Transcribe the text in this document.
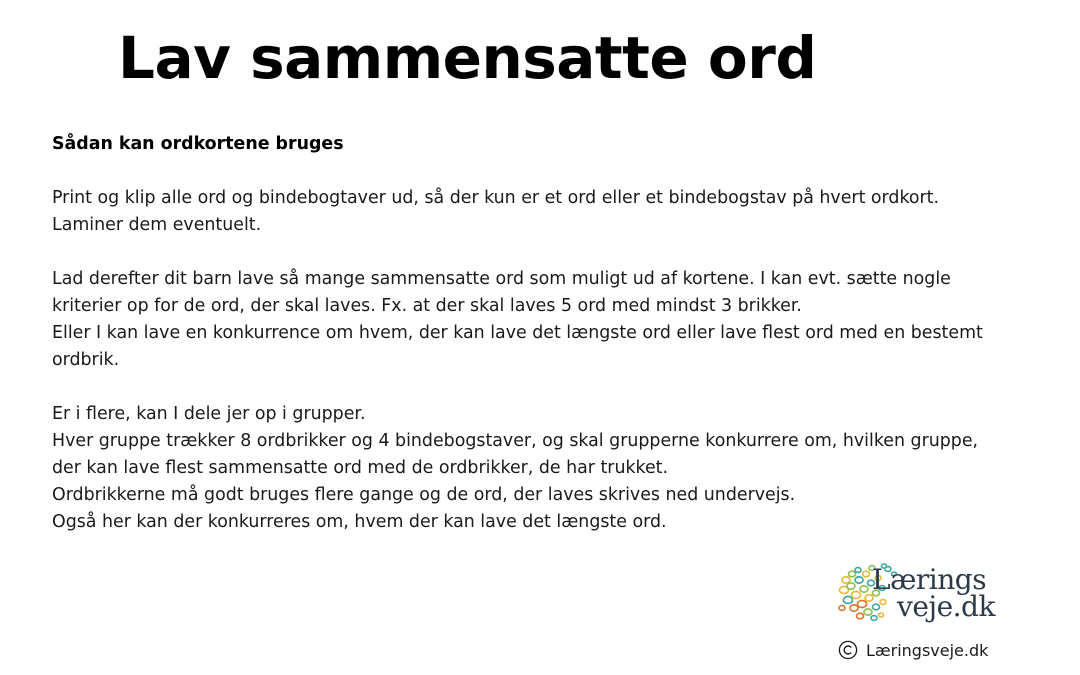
Lav sammensatte ord

Sådan kan ordkortene bruges

Print og klip alle ord og bindebogtaver ud, så der kun er et ord eller et bindebogstav på hvert ordkort.
Laminer dem eventuelt.

Lad derefter dit barn lave så mange sammensatte ord som muligt ud af kortene. I kan evt. sætte nogle
kriterier op for de ord, der skal laves. Fx. at der skal laves 5 ord med mindst 3 brikker.
Eller I kan lave en konkurrence om hvem, der kan lave det længste ord eller lave flest ord med en bestemt
ordbrik.

Er i flere, kan I dele jer op i grupper.
Hver gruppe trækker 8 ordbrikker og 4 bindebogstaver, og skal grupperne konkurrere om, hvilken gruppe,
der kan lave flest sammensatte ord med de ordbrikker, de har trukket.
Ordbrikkerne må godt bruges flere gange og de ord, der laves skrives ned undervejs.
Også her kan der konkurreres om, hvem der kan lave det længste ord.

Lærings
veje.dk
Læringsveje.dk
